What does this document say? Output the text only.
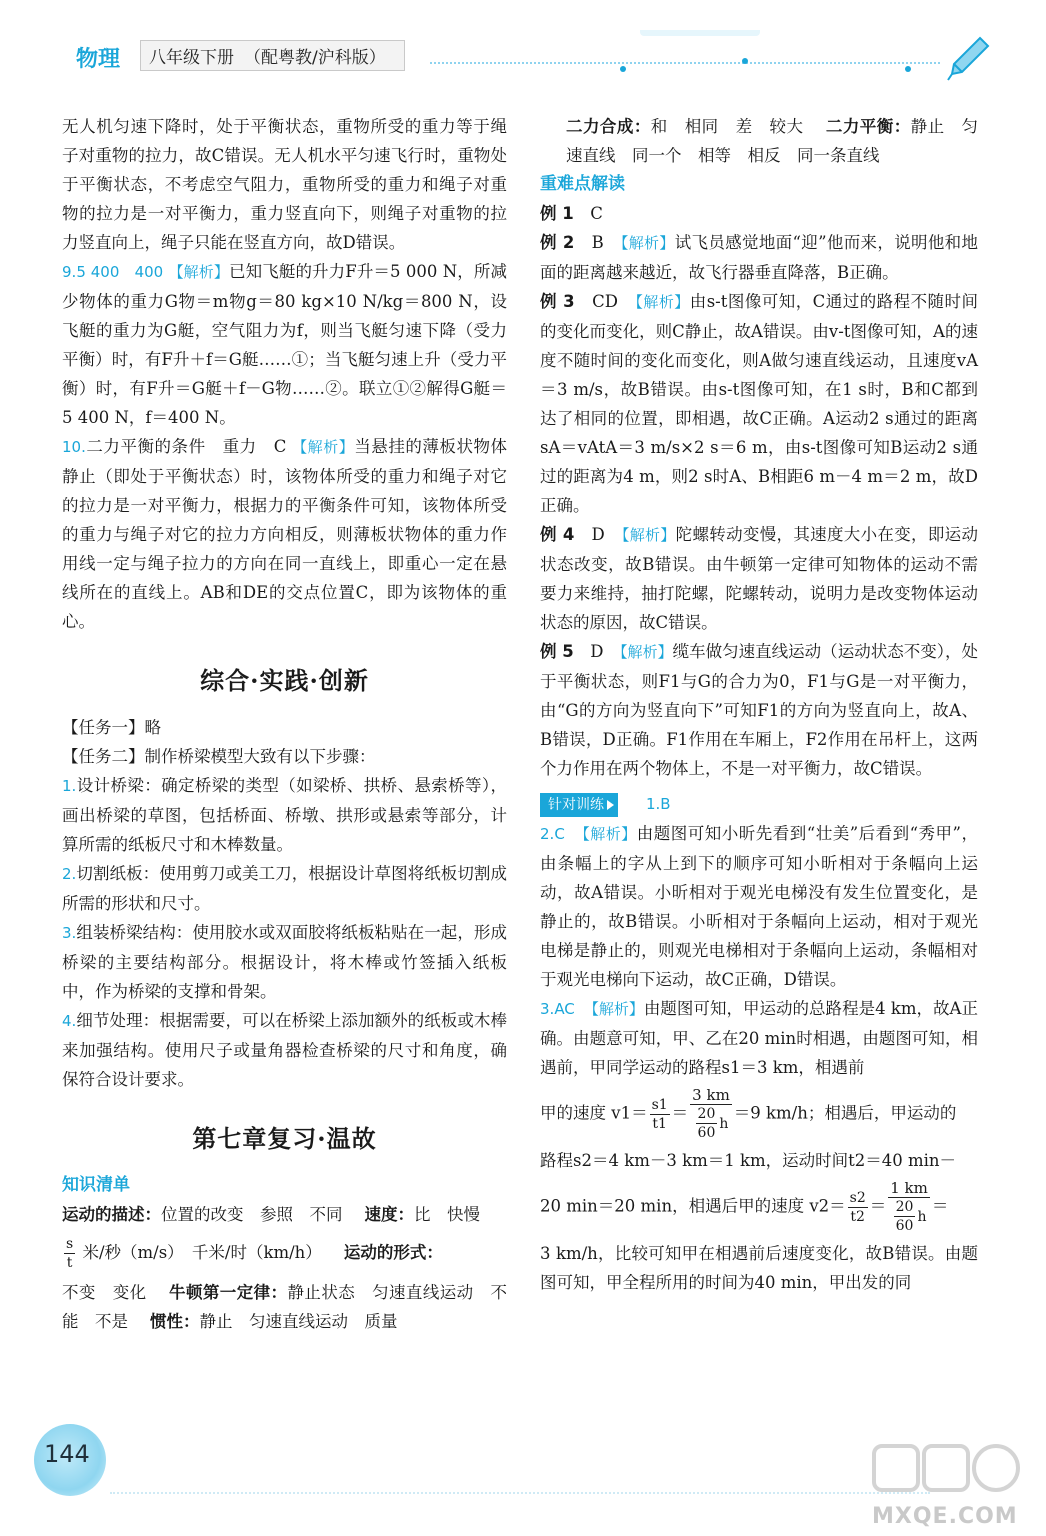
物理	八年级下册 （配粤教/沪科版）

无人机匀速下降时，处于平衡状态，重物所受的重力等于绳子对重物的拉力，故C错误。无人机水平匀速飞行时，重物处于平衡状态，不考虑空气阻力，重物所受的重力和绳子对重物的拉力是一对平衡力，重力竖直向下，则绳子对重物的拉力竖直向上，绳子只能在竖直方向，故D错误。

9.5 400　400 【解析】已知飞艇的升力F升＝5 000 N，所减少物体的重力G物＝m物g＝80 kg×10 N/kg＝800 N，设飞艇的重力为G艇，空气阻力为f，则当飞艇匀速下降（受力平衡）时，有F升＋f＝G艇……①；当飞艇匀速上升（受力平衡）时，有F升＝G艇＋f－G物……②。联立①②解得G艇＝5 400 N，f＝400 N。

10.二力平衡的条件　重力　C 【解析】当悬挂的薄板状物体静止（即处于平衡状态）时，该物体所受的重力和绳子对它的拉力是一对平衡力，根据力的平衡条件可知，该物体所受的重力与绳子对它的拉力方向相反，则薄板状物体的重力作用线一定与绳子拉力的方向在同一直线上，即重心一定在悬线所在的直线上。AB和DE的交点位置C，即为该物体的重心。

综合·实践·创新

【任务一】略

【任务二】制作桥梁模型大致有以下步骤：

1.设计桥梁：确定桥梁的类型（如梁桥、拱桥、悬索桥等），画出桥梁的草图，包括桥面、桥墩、拱形或悬索等部分，计算所需的纸板尺寸和木棒数量。

2.切割纸板：使用剪刀或美工刀，根据设计草图将纸板切割成所需的形状和尺寸。

3.组装桥梁结构：使用胶水或双面胶将纸板粘贴在一起，形成桥梁的主要结构部分。根据设计，将木棒或竹签插入纸板中，作为桥梁的支撑和骨架。

4.细节处理：根据需要，可以在桥梁上添加额外的纸板或木棒来加强结构。使用尺子或量角器检查桥梁的尺寸和角度，确保符合设计要求。

第七章复习·温故
知识清单

运动的描述：位置的改变　参照　不同 速度：比　快慢

$\frac{s}{t}$ 米/秒（m/s）　千米/时（km/h） 运动的形式：

不变　变化 牛顿第一定律：静止状态　匀速直线运动　不能　不是 惯性：静止　匀速直线运动　质量

二力合成：和　相同　差　较大 二力平衡：静止　匀速直线　同一个　相等　相反　同一条直线

重难点解读

例 1　 C

例 2　 B　 【解析】试飞员感觉地面“迎”他而来，说明他和地面的距离越来越近，故飞行器垂直降落，B正确。

例 3　 CD　 【解析】由s-t图像可知，C通过的路程不随时间的变化而变化，则C静止，故A错误。由v-t图像可知，A的速度不随时间的变化而变化，则A做匀速直线运动，且速度vA＝3 m/s，故B错误。由s-t图像可知，在1 s时，B和C都到达了相同的位置，即相遇，故C正确。A运动2 s通过的距离sA＝vAtA＝3 m/s×2 s＝6 m，由s-t图像可知B运动2 s通过的距离为4 m，则2 s时A、B相距6 m－4 m＝2 m，故D正确。

例 4　 D　 【解析】陀螺转动变慢，其速度大小在变，即运动状态改变，故B错误。由牛顿第一定律可知物体的运动不需要力来维持，抽打陀螺，陀螺转动，说明力是改变物体运动状态的原因，故C错误。

例 5　 D　 【解析】缆车做匀速直线运动（运动状态不变），处于平衡状态，则F1与G的合力为0，F1与G是一对平衡力，由“G的方向为竖直向下”可知F1的方向为竖直向上，故A、B错误，D正确。F1作用在车厢上，F2作用在吊杆上，这两个力作用在两个物体上，不是一对平衡力，故C错误。

针对训练	1.B

2.C　 【解析】由题图可知小昕先看到“壮美”后看到“秀甲”，由条幅上的字从上到下的顺序可知小昕相对于条幅向上运动，故A错误。小昕相对于观光电梯没有发生位置变化，是静止的，故B错误。小昕相对于条幅向上运动，相对于观光电梯是静止的，则观光电梯相对于条幅向上运动，条幅相对于观光电梯向下运动，故C正确，D错误。

3.AC　 【解析】由题图可知，甲运动的总路程是4 km，故A正确。由题意可知，甲、乙在20 min时相遇，由题图可知，相遇前，甲同学运动的路程s1＝3 km，相遇前

甲的速度 $v1= \frac{s1}{t1} = \frac{3 km}{\frac{20}{60} h} =9$ km/h；相遇后，甲运动的

路程s2＝4 km－3 km＝1 km，运动时间t2＝40 min－

20 min＝20 min，相遇后甲的速度 $v2= \frac{s2}{t2} = \frac{1 km}{\frac{20}{60} h}$ ＝

3 km/h，比较可知甲在相遇前后速度变化，故B错误。由题图可知，甲全程所用的时间为40 min，甲出发的同

144
MXQE.COM
